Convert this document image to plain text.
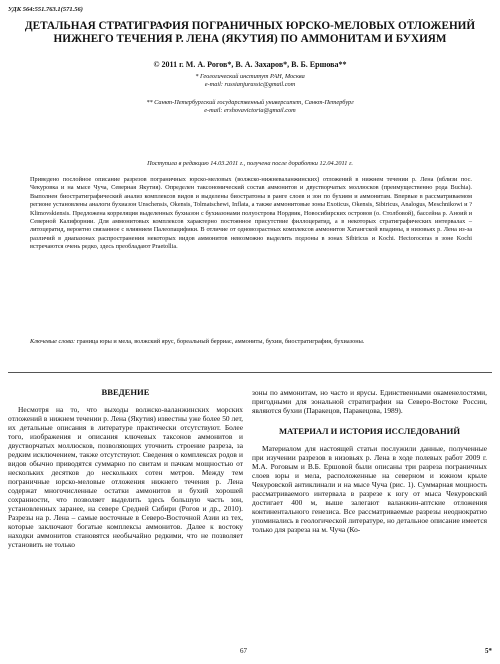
УДК 564:551.763.1(571.56)
ДЕТАЛЬНАЯ СТРАТИГРАФИЯ ПОГРАНИЧНЫХ ЮРСКО-МЕЛОВЫХ ОТЛОЖЕНИЙ НИЖНЕГО ТЕЧЕНИЯ Р. ЛЕНА (ЯКУТИЯ) ПО АММОНИТАМ И БУХИЯМ
© 2011 г. М. А. Рогов*, В. А. Захаров*, В. Б. Ершова**
* Геологический институт РАН, Москва
e-mail: russianjurassic@gmail.com
** Санкт-Петербургский государственный университет, Санкт-Петербург
e-mail: ershovavictoria@gmail.com
Поступила в редакцию 14.03.2011 г., получена после доработки 12.04.2011 г.
Приведено послойное описание разрезов пограничных юрско-меловых (волжско-нижневаланжинских) отложений в нижнем течении р. Лена (вблизи пос. Чекуровка и на мысе Чуча, Северная Якутия). Определен таксономический состав аммонитов и двустворчатых моллюсков (преимущественно рода Buchia). Выполнен биостратиграфический анализ комплексов видов и выделены биостратоны в ранге слоев и зон по бухиям и аммонитам. Впервые в рассматриваемом регионе установлены аналоги бухиазон Unschensis, Okensis, Tolmatschewi, Inflata, а также аммонитовые зоны Exoticus, Okensis, Sibiricus, Analogus, Meschnikowi и ? Klimovskiensis. Предложена корреляция выделенных бухиазон с бухиазонами полуострова Нордвик, Новосибирских островов (о. Столбовой), бассейна р. Аноий и Северной Калифорнии. Для аммонитовых комплексов характерно постоянное присутствие филлоцератид, а в некоторых стратиграфических интервалах – литоцератид, вероятно связанное с влиянием Палеопацифики. В отличие от одновозрастных комплексов аммонитов Хатангской впадины, в низовьях р. Лена из-за различий в диапазонах распространения некоторых видов аммонитов невозможно выделить подзоны в зонах Sibiricus и Kochi. Hectoroceras в зоне Kochi встречаются очень редко, здесь преобладают Praetollia.
Ключевые слова: граница юры и мела, волжский ярус, бореальный берриас, аммониты, бухии, биостратиграфия, бухиазоны.
ВВЕДЕНИЕ

Несмотря на то, что выходы волжско-валанжинских морских отложений в нижнем течении р. Лена (Якутия) известны уже более 50 лет, их детальные описания в литературе практически отсутствуют. Более того, изображения и описания ключевых таксонов аммонитов и двустворчатых моллюсков, позволяющих уточнить строение разреза, за редким исключением, также отсутствуют. Сведения о комплексах родов и видов обычно приводятся суммарно по свитам и пачкам мощностью от нескольких десятков до нескольких сотен метров. Между тем пограничные юрско-меловые отложения нижнего течения р. Лена содержат многочисленные остатки аммонитов и бухий хорошей сохранности, что позволяет выделить здесь большую часть зон, установленных заранее, на севере Средней Сибири (Рогов и др., 2010). Разрезы на р. Лена – самые восточные в Северо-Восточной Азии из тех, которые заключают богатые комплексы аммонитов. Далее к востоку находки аммонитов становятся необычайно редкими, что не позволяет установить не только

зоны по аммонитам, но часто и ярусы. Единственными окаменелостями, пригодными для зональной стратиграфии на Северо-Востоке России, являются бухии (Паракецов, Паракецова, 1989).

МАТЕРИАЛ И ИСТОРИЯ ИССЛЕДОВАНИЙ

Материалом для настоящей статьи послужили данные, полученные при изучении разрезов в низовьях р. Лена в ходе полевых работ 2009 г. М.А. Роговым и В.Б. Ершовой были описаны три разреза пограничных слоев юры и мела, расположенные на северном и южном крыле Чекуровской антиклинали и на мысе Чуча (рис. 1). Суммарная мощность рассматриваемого интервала в разрезе к югу от мыса Чекуровский достигает 400 м, выше залегают валанжин-аптские отложения континентального генезиса. Все рассматриваемые разрезы неоднократно упоминались в геологической литературе, но детальное описание имеется только для разреза на м. Чуча (Ко-

67	5*
